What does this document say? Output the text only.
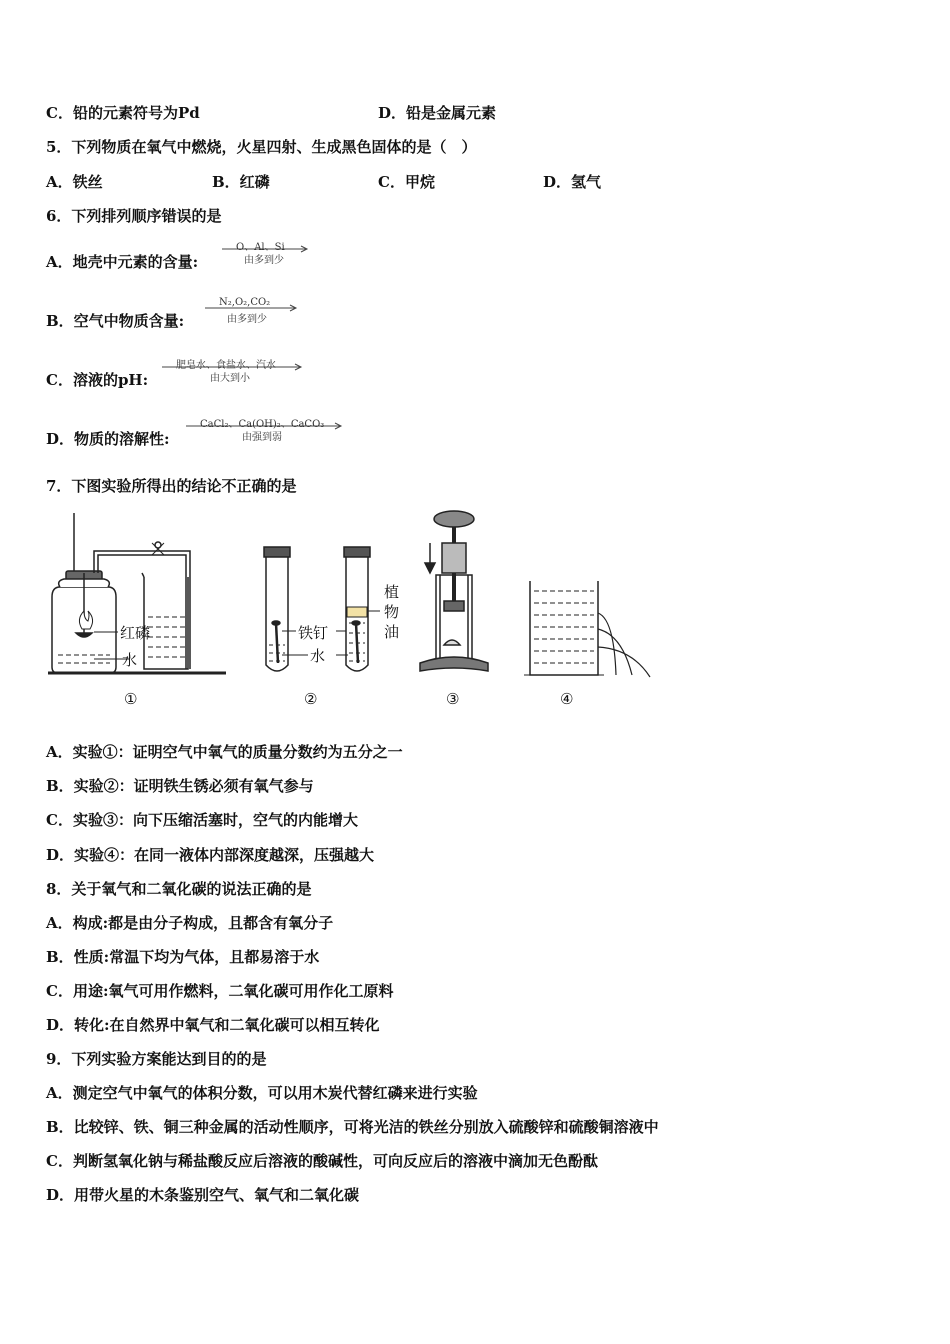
C．铅的元素符号为Pd	D．铅是金属元素
5．下列物质在氧气中燃烧，火星四射、生成黑色固体的是（　）
A．铁丝	B．红磷	C．甲烷	D．氢气
6．下列排列顺序错误的是
A．地壳中元素的含量:
O、Al、Si
由多到少
B．空气中物质含量:
N₂,O₂,CO₂
由多到少
C．溶液的pH:
肥皂水、食盐水、汽水
由大到小
D．物质的溶解性:
CaCl₂、Ca(OH)₂、CaCO₃
由强到弱
7．下图实验所得出的结论不正确的是
红磷
水
铁钉
水
植
物
油
①	②	③	④
A．实验①：证明空气中氧气的质量分数约为五分之一
B．实验②：证明铁生锈必须有氧气参与
C．实验③：向下压缩活塞时，空气的内能增大
D．实验④：在同一液体内部深度越深，压强越大
8．关于氧气和二氧化碳的说法正确的是
A．构成:都是由分子构成，且都含有氧分子
B．性质:常温下均为气体，且都易溶于水
C．用途:氧气可用作燃料，二氧化碳可用作化工原料
D．转化:在自然界中氧气和二氧化碳可以相互转化
9．下列实验方案能达到目的的是
A．测定空气中氧气的体积分数，可以用木炭代替红磷来进行实验
B．比较锌、铁、铜三种金属的活动性顺序，可将光洁的铁丝分别放入硫酸锌和硫酸铜溶液中
C．判断氢氧化钠与稀盐酸反应后溶液的酸碱性，可向反应后的溶液中滴加无色酚酞
D．用带火星的木条鉴别空气、氧气和二氧化碳
